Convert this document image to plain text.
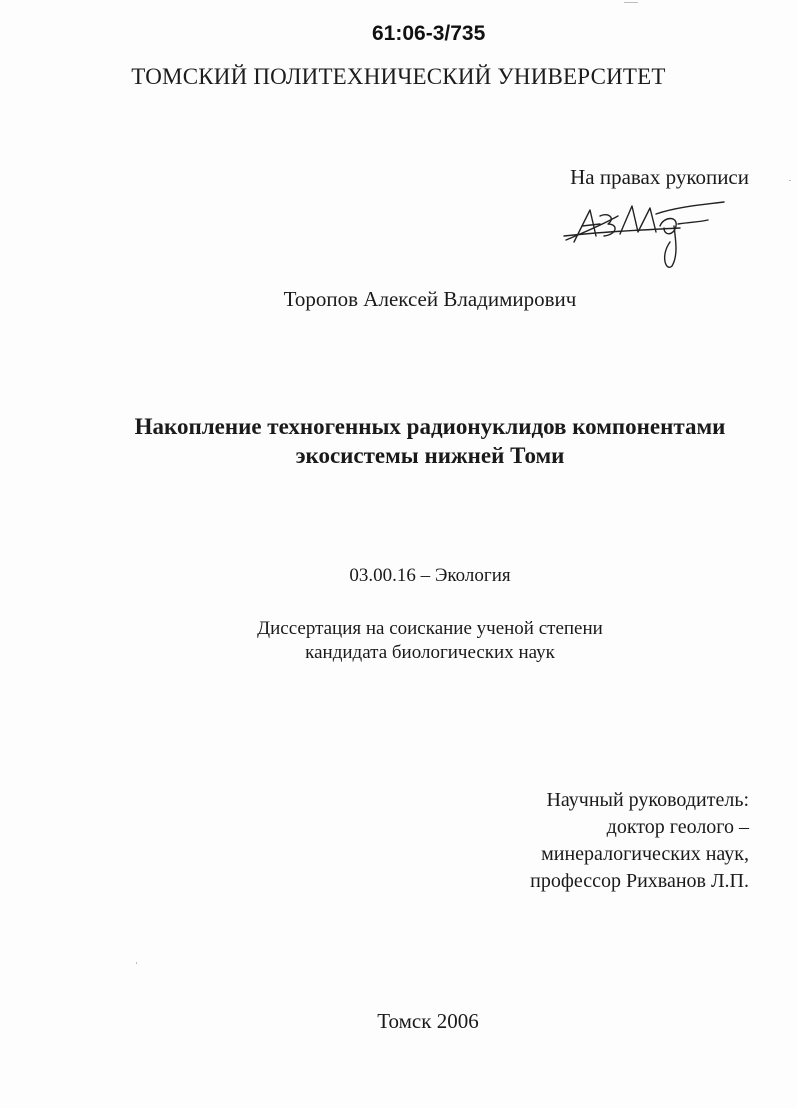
61:06-3/735
ТОМСКИЙ ПОЛИТЕХНИЧЕСКИЙ УНИВЕРСИТЕТ
На правах рукописи
Торопов Алексей Владимирович
Накопление техногенных радионуклидов компонентами
экосистемы нижней Томи
03.00.16 – Экология
Диссертация на соискание ученой степени
кандидата биологических наук
Научный руководитель:
доктор геолого –
минералогических наук,
профессор Рихванов Л.П.
Томск 2006
